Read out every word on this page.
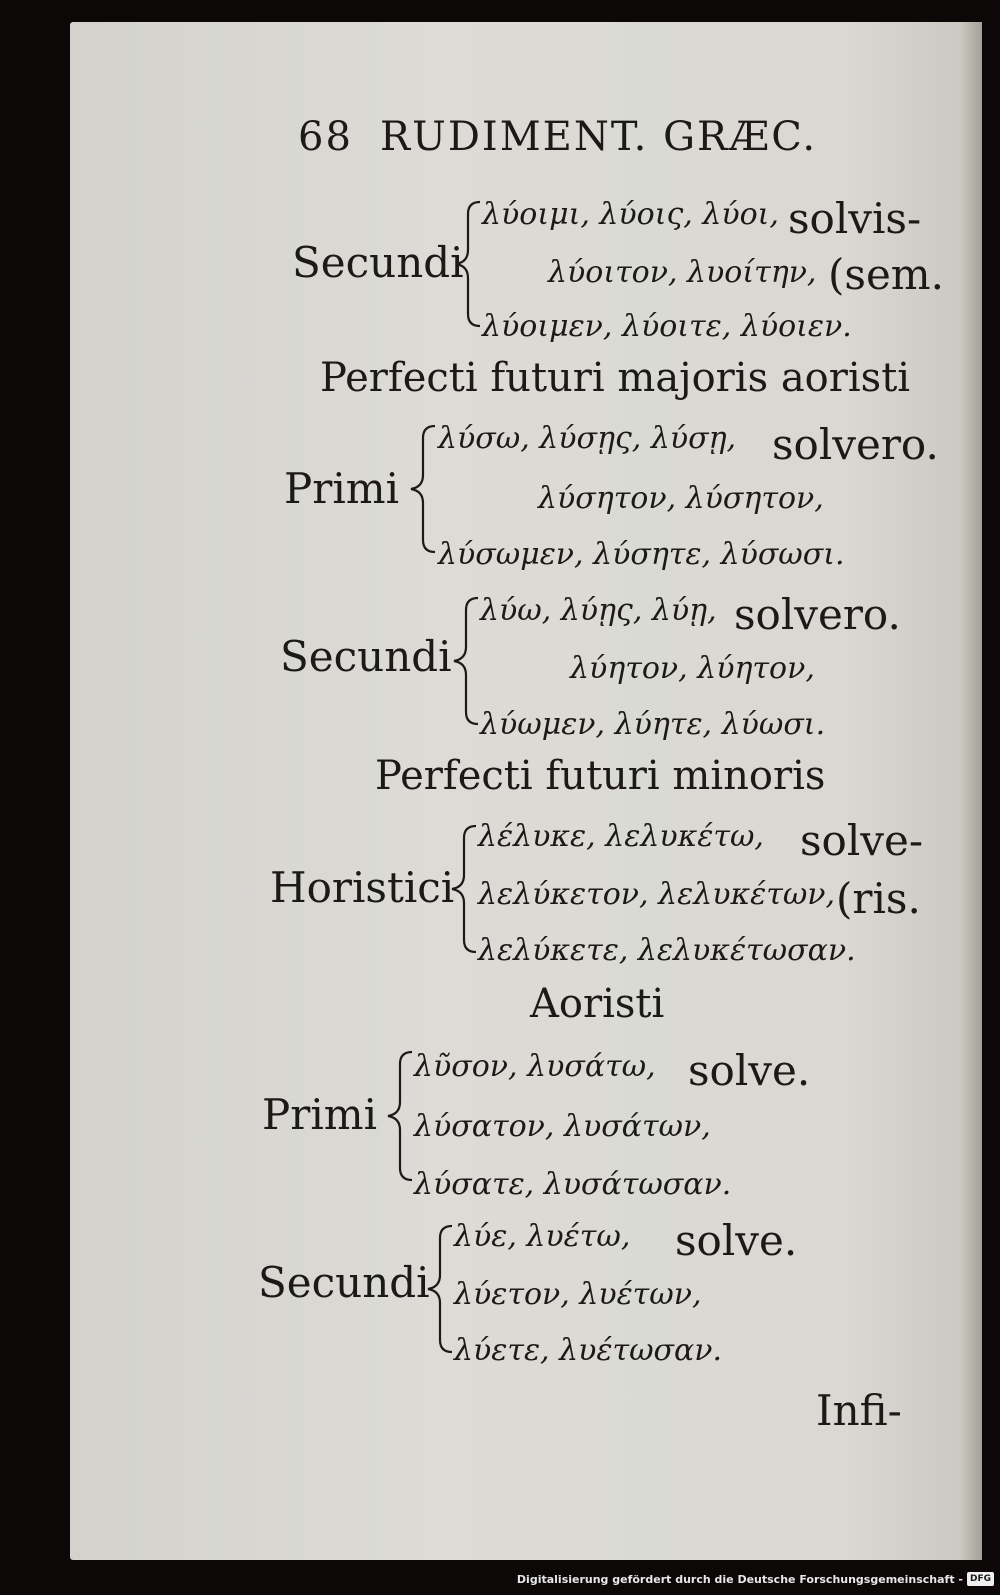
68 RUDIMENT. GRÆC.
Secundi
λύοιμι, λύοις, λύοι,
λύοιτον, λυοίτην,
λύοιμεν, λύοιτε, λύοιεν.
solvis-
(sem.
Perfecti futuri majoris aoristi
Primi
λύσω, λύσῃς, λύσῃ,
λύσητον, λύσητον,
λύσωμεν, λύσητε, λύσωσι.
solvero.
Secundi
λύω, λύῃς, λύῃ,
λύητον, λύητον,
λύωμεν, λύητε, λύωσι.
solvero.
Perfecti futuri minoris
Horistici
λέλυκε, λελυκέτω,
λελύκετον, λελυκέτων,
λελύκετε, λελυκέτωσαν.
solve-
(ris.
Aoristi
Primi
λῦσον, λυσάτω,
λύσατον, λυσάτων,
λύσατε, λυσάτωσαν.
solve.
Secundi
λύε, λυέτω,
λύετον, λυέτων,
λύετε, λυέτωσαν.
solve.
Infi-
Digitalisierung gefördert durch die Deutsche Forschungsgemeinschaft - DFG
